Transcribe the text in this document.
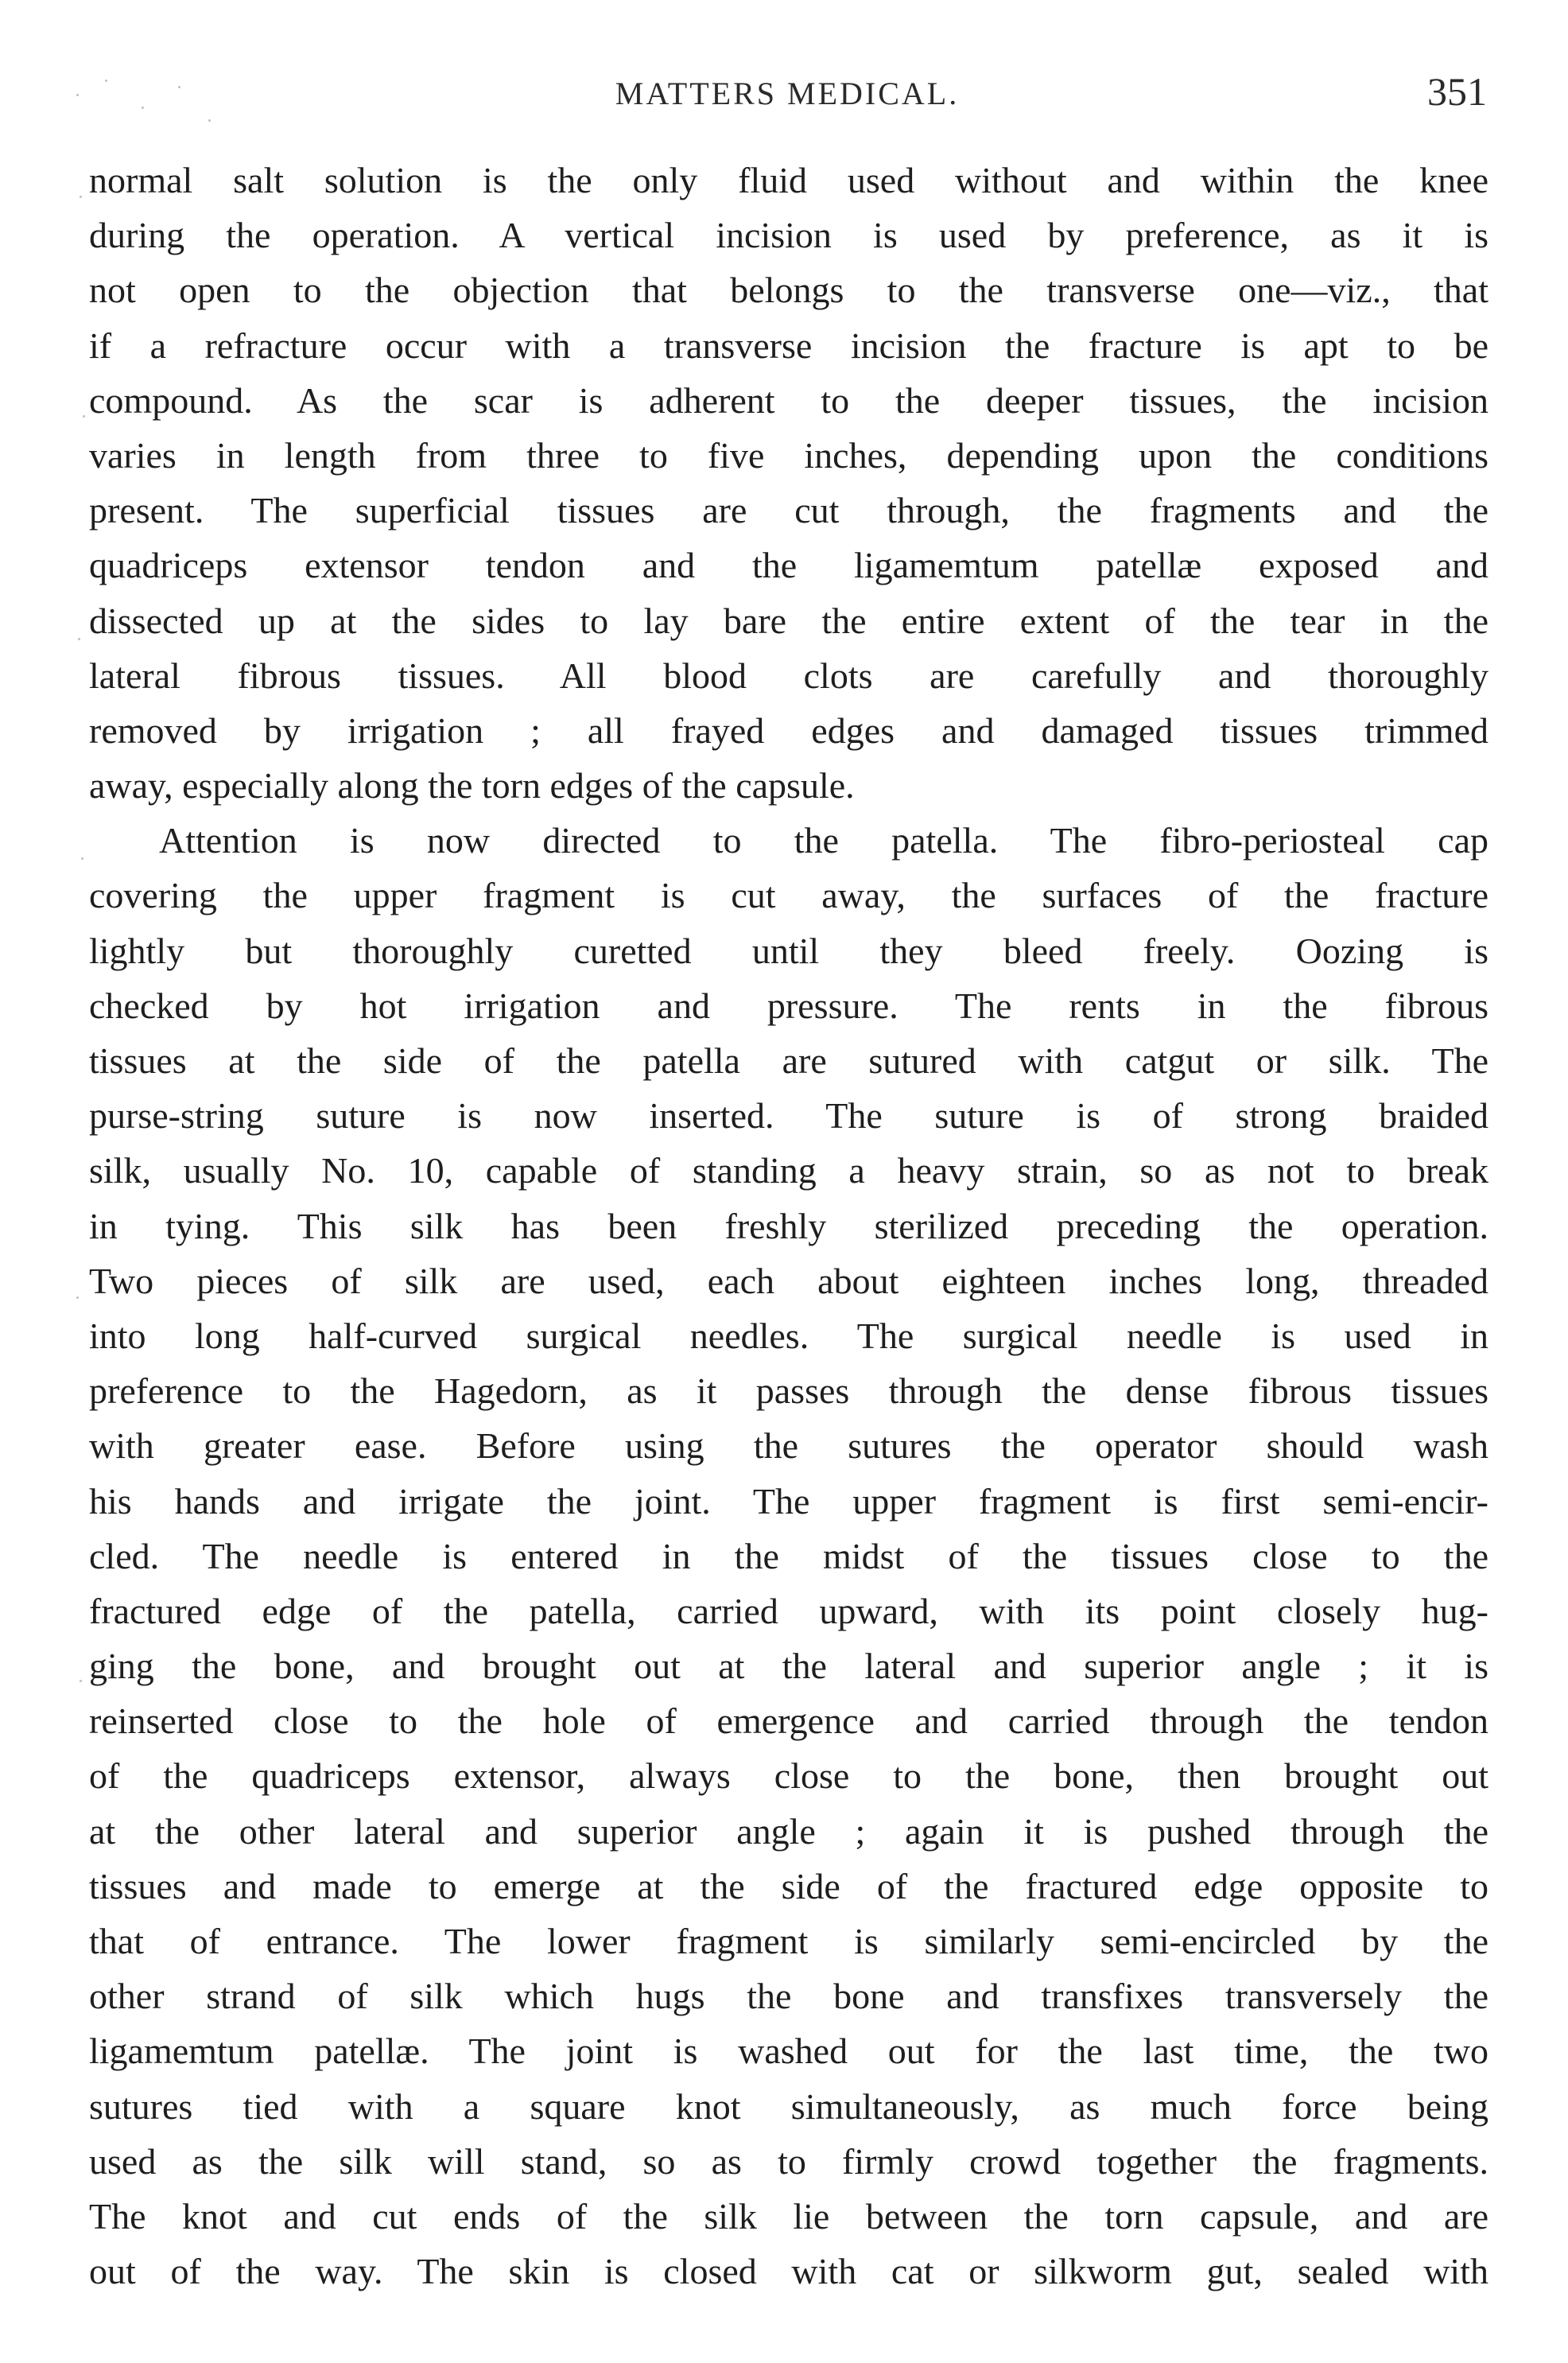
MATTERS MEDICAL.	351
normal salt solution is the only fluid used without and within the knee
during the operation. A vertical incision is used by preference, as it is
not open to the objection that belongs to the transverse one—viz., that
if a refracture occur with a transverse incision the fracture is apt to be
compound. As the scar is adherent to the deeper tissues, the incision
varies in length from three to five inches, depending upon the conditions
present. The superficial tissues are cut through, the fragments and the
quadriceps extensor tendon and the ligamemtum patellæ exposed and
dissected up at the sides to lay bare the entire extent of the tear in the
lateral fibrous tissues. All blood clots are carefully and thoroughly
removed by irrigation ; all frayed edges and damaged tissues trimmed
away, especially along the torn edges of the capsule.
Attention is now directed to the patella. The fibro-periosteal cap
covering the upper fragment is cut away, the surfaces of the fracture
lightly but thoroughly curetted until they bleed freely. Oozing is
checked by hot irrigation and pressure. The rents in the fibrous
tissues at the side of the patella are sutured with catgut or silk. The
purse-string suture is now inserted. The suture is of strong braided
silk, usually No. 10, capable of standing a heavy strain, so as not to break
in tying. This silk has been freshly sterilized preceding the operation.
Two pieces of silk are used, each about eighteen inches long, threaded
into long half-curved surgical needles. The surgical needle is used in
preference to the Hagedorn, as it passes through the dense fibrous tissues
with greater ease. Before using the sutures the operator should wash
his hands and irrigate the joint. The upper fragment is first semi-encir-
cled. The needle is entered in the midst of the tissues close to the
fractured edge of the patella, carried upward, with its point closely hug-
ging the bone, and brought out at the lateral and superior angle ; it is
reinserted close to the hole of emergence and carried through the tendon
of the quadriceps extensor, always close to the bone, then brought out
at the other lateral and superior angle ; again it is pushed through the
tissues and made to emerge at the side of the fractured edge opposite to
that of entrance. The lower fragment is similarly semi-encircled by the
other strand of silk which hugs the bone and transfixes transversely the
ligamemtum patellæ. The joint is washed out for the last time, the two
sutures tied with a square knot simultaneously, as much force being
used as the silk will stand, so as to firmly crowd together the fragments.
The knot and cut ends of the silk lie between the torn capsule, and are
out of the way. The skin is closed with cat or silkworm gut, sealed with
